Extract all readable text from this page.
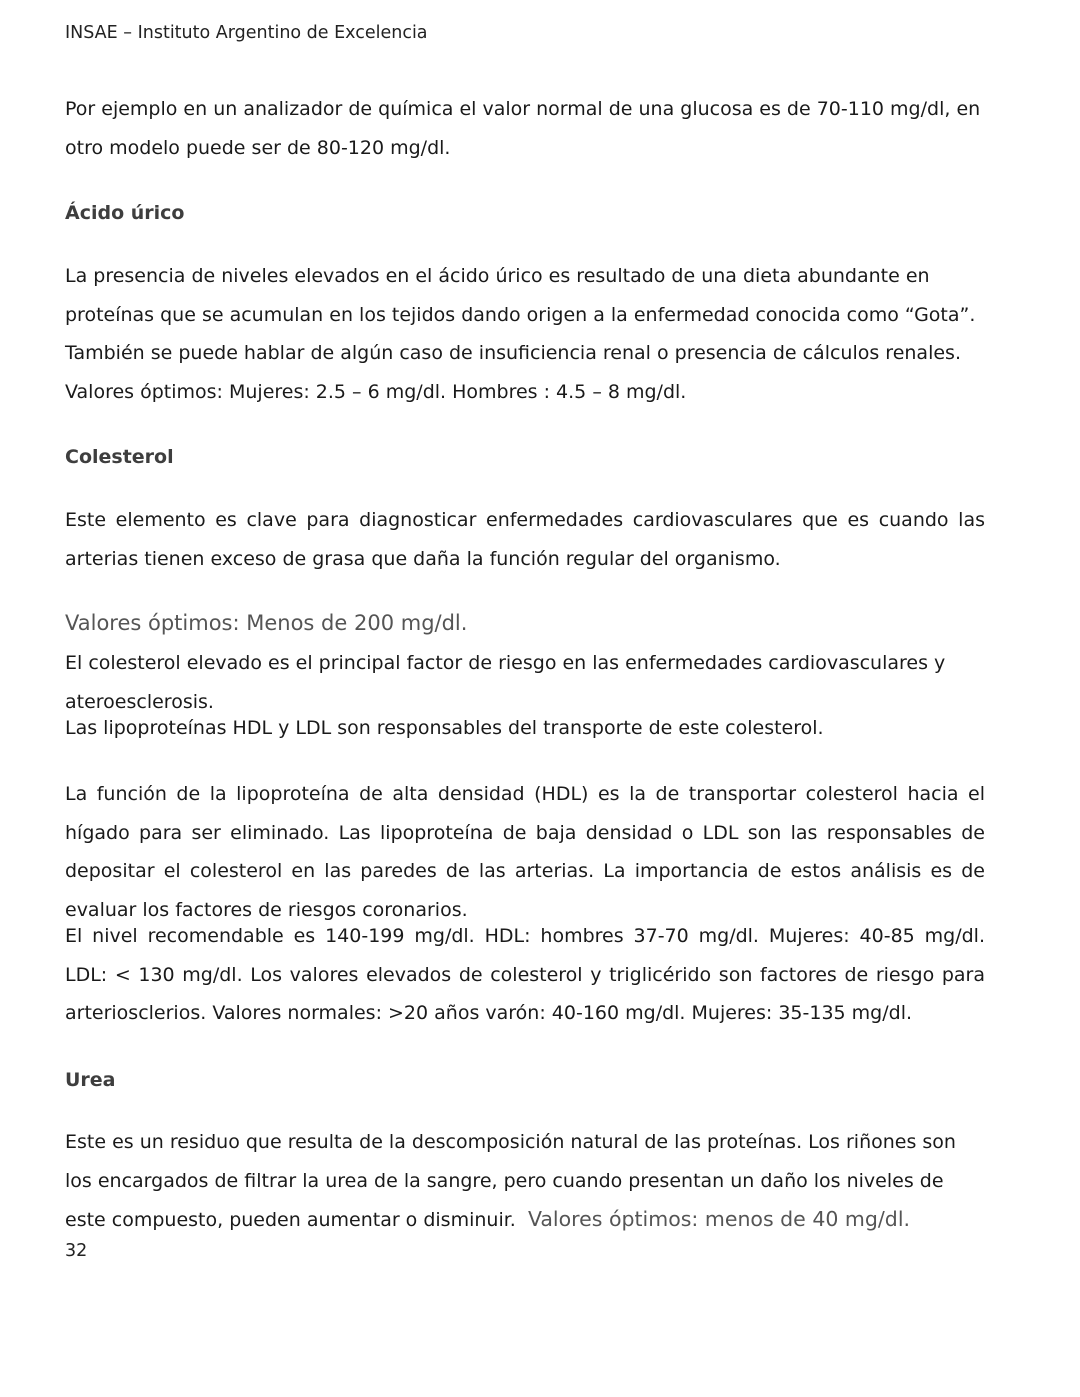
INSAE – Instituto Argentino de Excelencia

Por ejemplo en un analizador de química el valor normal de una glucosa es de 70-110 mg/dl, en otro modelo puede ser de 80-120 mg/dl.

Ácido úrico

La presencia de niveles elevados en el ácido úrico es resultado de una dieta abundante en proteínas que se acumulan en los tejidos dando origen a la enfermedad conocida como “Gota”. También se puede hablar de algún caso de insuficiencia renal o presencia de cálculos renales.

Valores óptimos: Mujeres: 2.5 – 6 mg/dl. Hombres : 4.5 – 8 mg/dl.

Colesterol

Este elemento es clave para diagnosticar enfermedades cardiovasculares que es cuando las arterias tienen exceso de grasa que daña la función regular del organismo.

Valores óptimos: Menos de 200 mg/dl.

El colesterol elevado es el principal factor de riesgo en las enfermedades cardiovasculares y ateroesclerosis.

Las lipoproteínas HDL y LDL son responsables del transporte de este colesterol.

La función de la lipoproteína de alta densidad (HDL) es la de transportar colesterol hacia el hígado para ser eliminado. Las lipoproteína de baja densidad o LDL son las responsables de depositar el colesterol en las paredes de las arterias. La importancia de estos análisis es de evaluar los factores de riesgos coronarios.

El nivel recomendable es 140-199 mg/dl. HDL: hombres 37-70 mg/dl. Mujeres: 40-85 mg/dl. LDL: < 130 mg/dl. Los valores elevados de colesterol y triglicérido son factores de riesgo para arteriosclerios. Valores normales: >20 años varón: 40-160 mg/dl. Mujeres: 35-135 mg/dl.

Urea

Este es un residuo que resulta de la descomposición natural de las proteínas. Los riñones son los encargados de filtrar la urea de la sangre, pero cuando presentan un daño los niveles de este compuesto, pueden aumentar o disminuir. Valores óptimos: menos de 40 mg/dl.

32
